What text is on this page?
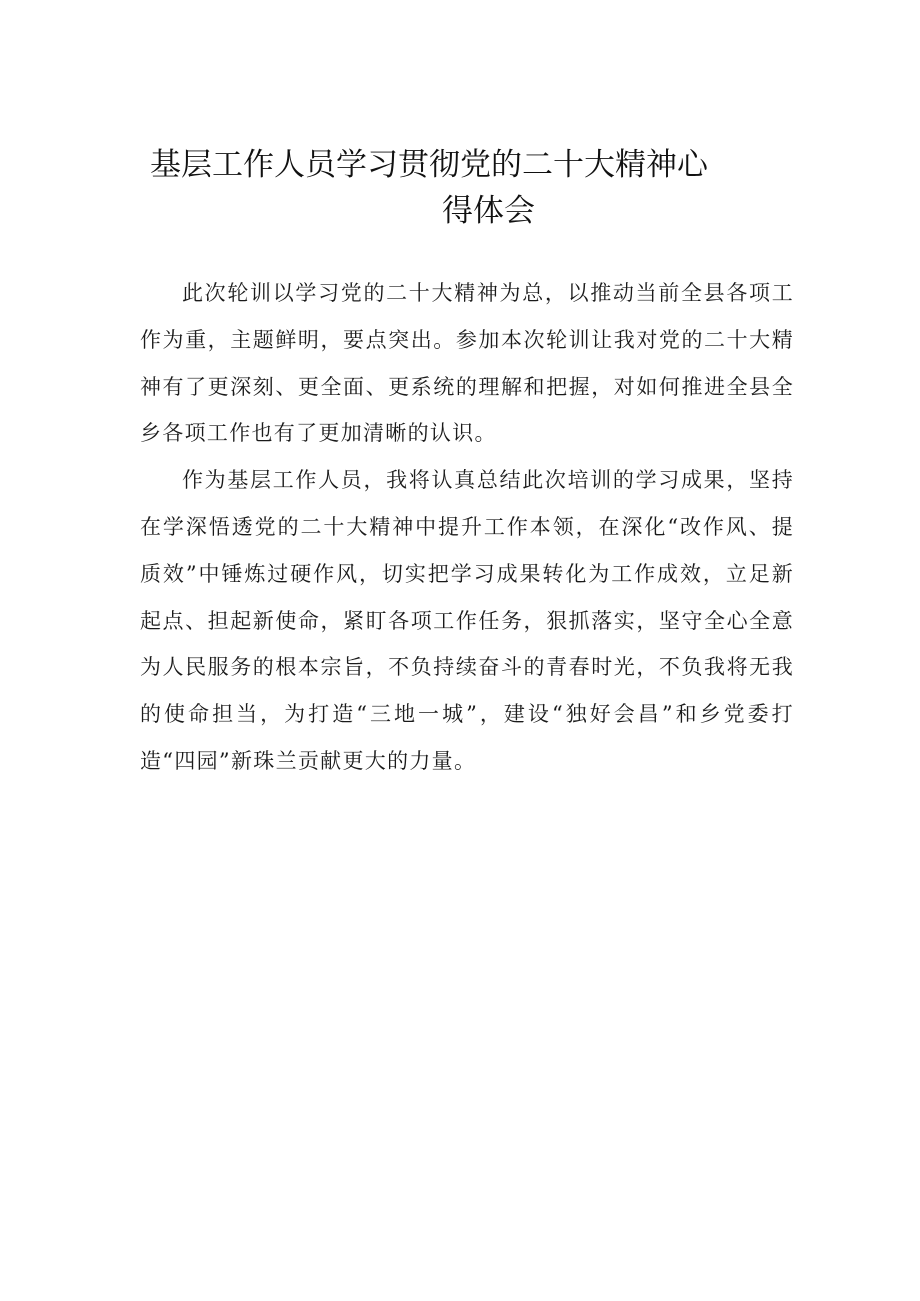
基层工作人员学习贯彻党的二十大精神心
得体会

此次轮训以学习党的二十大精神为总，以推动当前全县各项工作为重，主题鲜明，要点突出。参加本次轮训让我对党的二十大精神有了更深刻、更全面、更系统的理解和把握，对如何推进全县全乡各项工作也有了更加清晰的认识。

作为基层工作人员，我将认真总结此次培训的学习成果，坚持在学深悟透党的二十大精神中提升工作本领，在深化“改作风、提质效”中锤炼过硬作风，切实把学习成果转化为工作成效，立足新起点、担起新使命，紧盯各项工作任务，狠抓落实，坚守全心全意为人民服务的根本宗旨，不负持续奋斗的青春时光，不负我将无我的使命担当，为打造“三地一城”，建设“独好会昌”和乡党委打造“四园”新珠兰贡献更大的力量。
